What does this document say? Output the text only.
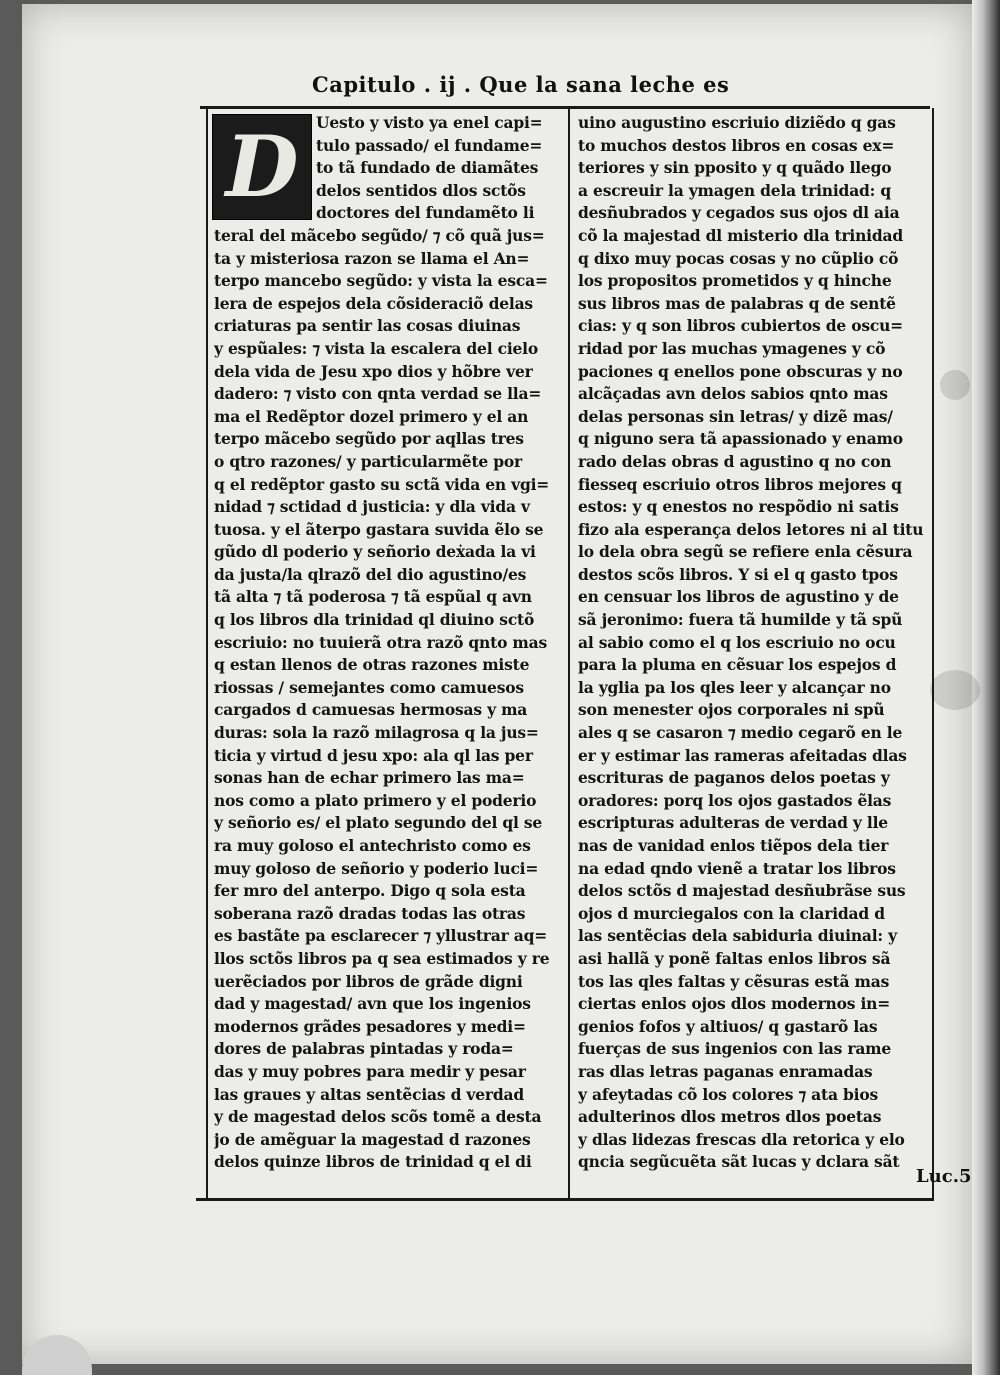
Capitulo . ij . Que la sana leche es
D	Uesto y visto ya enel capi=
tulo passado/ el fundame=
to tã fundado de diamãtes
delos sentidos dlos sctõs
doctores del fundamẽto li
teral del mãcebo segũdo/ ⁊ cõ quã jus=
ta y misteriosa razon se llama el An=
terpo mancebo segũdo: y vista la esca=
lera de espejos dela cõsideraciõ delas
criaturas pa sentir las cosas diuinas
y espũales: ⁊ vista la escalera del cielo
dela vida de Jesu xpo dios y hõbre ver
dadero: ⁊ visto con qnta verdad se lla=
ma el Redẽptor dozel primero y el an
terpo mãcebo segũdo por aqllas tres
o qtro razones/ y particularmẽte por
q el redẽptor gasto su sctã vida en vgi=
nidad ⁊ sctidad d justicia: y dla vida v
tuosa. y el ãterpo gastara suvida ẽlo se
gũdo dl poderio y señorio deẋada la vi
da justa/la qlrazõ del dio agustino/es
tã alta ⁊ tã poderosa ⁊ tã espũal q avn
q los libros dla trinidad ql diuino sctõ
escriuio: no tuuierã otra razõ qnto mas
q estan llenos de otras razones miste
riossas / semejantes como camuesos
cargados d camuesas hermosas y ma
duras: sola la razõ milagrosa q la jus=
ticia y virtud d jesu xpo: ala ql las per
sonas han de echar primero las ma=
nos como a plato primero y el poderio
y señorio es/ el plato segundo del ql se
ra muy goloso el antechristo como es
muy goloso de señorio y poderio luci=
fer mro del anterpo. Digo q sola esta
soberana razõ dradas todas las otras
es bastãte pa esclarecer ⁊ yllustrar aq=
llos sctõs libros pa q sea estimados y re
uerẽciados por libros de grãde digni
dad y magestad/ avn que los ingenios
modernos grãdes pesadores y medi=
dores de palabras pintadas y roda=
das y muy pobres para medir y pesar
las graues y altas sentẽcias d verdad
y de magestad delos scõs tomẽ a desta
jo de amẽguar la magestad d razones
delos quinze libros de trinidad q el di
uino augustino escriuio diziẽdo q gas
to muchos destos libros en cosas ex=
teriores y sin pposito y q quãdo llego
a escreuir la ymagen dela trinidad: q
desñubrados y cegados sus ojos dl aia
cõ la majestad dl misterio dla trinidad
q dixo muy pocas cosas y no cũplio cõ
los propositos prometidos y q hinche
sus libros mas de palabras q de sentẽ
cias: y q son libros cubiertos de oscu=
ridad por las muchas ymagenes y cõ
paciones q enellos pone obscuras y no
alcãçadas avn delos sabios qnto mas
delas personas sin letras/ y dizẽ mas/
q niguno sera tã apassionado y enamo
rado delas obras d agustino q no con
fiesseq escriuio otros libros mejores q
estos: y q enestos no respõdio ni satis
fizo ala esperança delos letores ni al titu
lo dela obra segũ se refiere enla cẽsura
destos scõs libros. Y si el q gasto tpos
en censuar los libros de agustino y de
sã jeronimo: fuera tã humilde y tã spũ
al sabio como el q los escriuio no ocu
para la pluma en cẽsuar los espejos d
la yglia pa los qles leer y alcançar no
son menester ojos corporales ni spũ
ales q se casaron ⁊ medio cegarõ en le
er y estimar las rameras afeitadas dlas
escrituras de paganos delos poetas y
oradores: porq los ojos gastados ẽlas
escripturas adulteras de verdad y lle
nas de vanidad enlos tiẽpos dela tier
na edad qndo vienẽ a tratar los libros
delos sctõs d majestad desñubrãse sus
ojos d murciegalos con la claridad d
las sentẽcias dela sabiduria diuinal: y
asi hallã y ponẽ faltas enlos libros sã
tos las qles faltas y cẽsuras estã mas
ciertas enlos ojos dlos modernos in=
genios fofos y altiuos/ q gastarõ las
fuerças de sus ingenios con las rame
ras dlas letras paganas enramadas
y afeytadas cõ los colores ⁊ ata bios
adulterinos dlos metros dlos poetas
y dlas lidezas frescas dla retorica y elo
qncia segũcuẽta sãt lucas y dclara sãt
Luc.5
